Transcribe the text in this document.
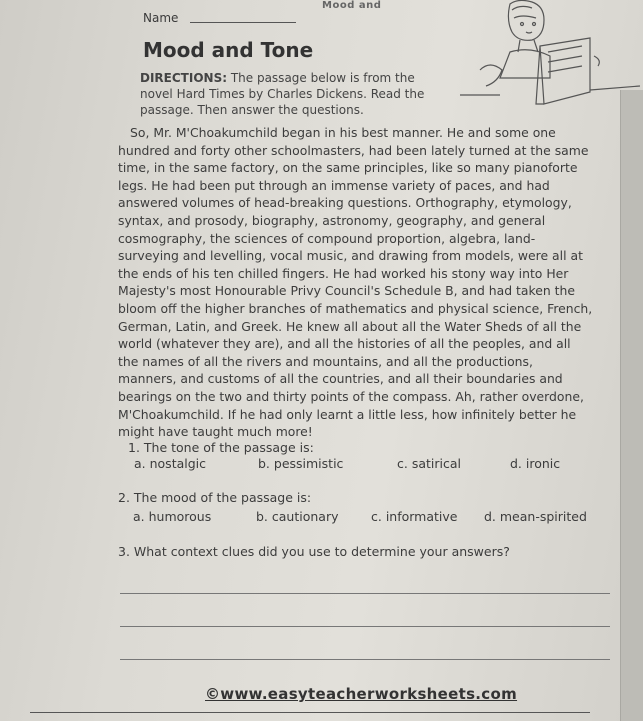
Mood and
Name
Mood and Tone
DIRECTIONS: The passage below is from the novel Hard Times by Charles Dickens. Read the passage. Then answer the questions.
So, Mr. M'Choakumchild began in his best manner. He and some one hundred and forty other schoolmasters, had been lately turned at the same time, in the same factory, on the same principles, like so many pianoforte legs. He had been put through an immense variety of paces, and had answered volumes of head-breaking questions. Orthography, etymology, syntax, and prosody, biography, astronomy, geography, and general cosmography, the sciences of compound proportion, algebra, land-surveying and levelling, vocal music, and drawing from models, were all at the ends of his ten chilled fingers. He had worked his stony way into Her Majesty's most Honourable Privy Council's Schedule B, and had taken the bloom off the higher branches of mathematics and physical science, French, German, Latin, and Greek. He knew all about all the Water Sheds of all the world (whatever they are), and all the histories of all the peoples, and all the names of all the rivers and mountains, and all the productions, manners, and customs of all the countries, and all their boundaries and bearings on the two and thirty points of the compass. Ah, rather overdone, M'Choakumchild. If he had only learnt a little less, how infinitely better he might have taught much more!
1. The tone of the passage is:
a. nostalgic	b. pessimistic	c. satirical	d. ironic
2. The mood of the passage is:
a. humorous	b. cautionary	c. informative d. mean-spirited
3. What context clues did you use to determine your answers?
©www.easyteacherworksheets.com
